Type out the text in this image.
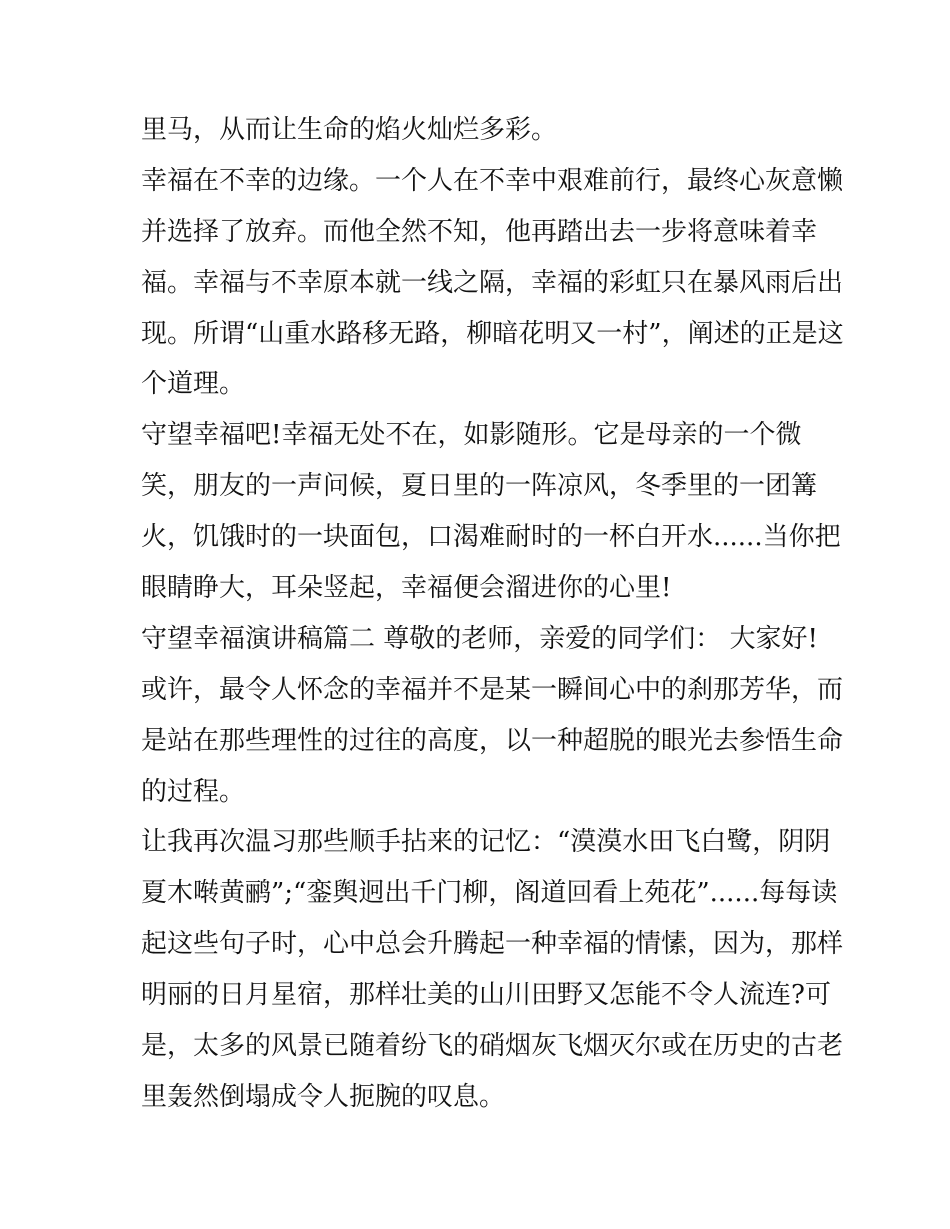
里马，从而让生命的焰火灿烂多彩。
幸福在不幸的边缘。一个人在不幸中艰难前行，最终心灰意懒
并选择了放弃。而他全然不知，他再踏出去一步将意味着幸
福。幸福与不幸原本就一线之隔，幸福的彩虹只在暴风雨后出
现。所谓“山重水路移无路，柳暗花明又一村”，阐述的正是这
个道理。
守望幸福吧!幸福无处不在，如影随形。它是母亲的一个微
笑，朋友的一声问候，夏日里的一阵凉风，冬季里的一团篝
火，饥饿时的一块面包，口渴难耐时的一杯白开水......当你把
眼睛睁大，耳朵竖起，幸福便会溜进你的心里!
守望幸福演讲稿篇二 尊敬的老师，亲爱的同学们： 大家好!
或许，最令人怀念的幸福并不是某一瞬间心中的刹那芳华，而
是站在那些理性的过往的高度，以一种超脱的眼光去参悟生命
的过程。
让我再次温习那些顺手拈来的记忆：“漠漠水田飞白鹭，阴阴
夏木啭黄鹂”;“銮舆迥出千门柳，阁道回看上苑花”......每每读
起这些句子时，心中总会升腾起一种幸福的情愫，因为，那样
明丽的日月星宿，那样壮美的山川田野又怎能不令人流连?可
是，太多的风景已随着纷飞的硝烟灰飞烟灭尔或在历史的古老
里轰然倒塌成令人扼腕的叹息。
